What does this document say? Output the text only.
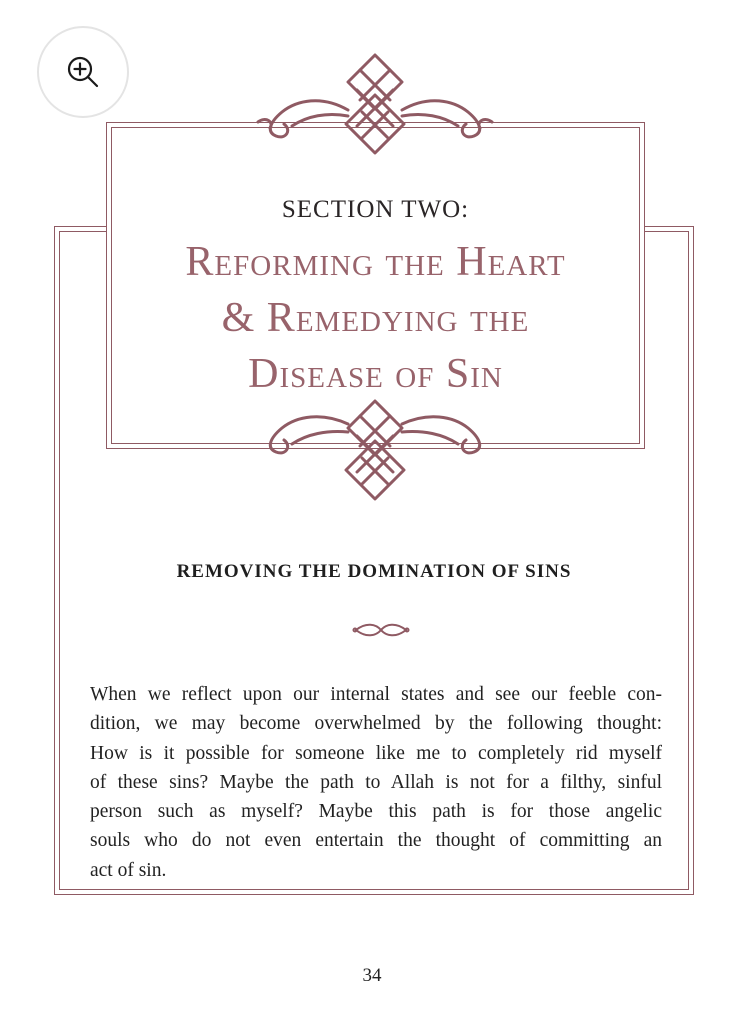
SECTION TWO:
Reforming the Heart
& Remedying the
Disease of Sin
REMOVING THE DOMINATION OF SINS
When we reflect upon our internal states and see our feeble con-
dition, we may become overwhelmed by the following thought:
How is it possible for someone like me to completely rid myself
of these sins? Maybe the path to Allah is not for a filthy, sinful
person such as myself? Maybe this path is for those angelic
souls who do not even entertain the thought of committing an
act of sin.
34
